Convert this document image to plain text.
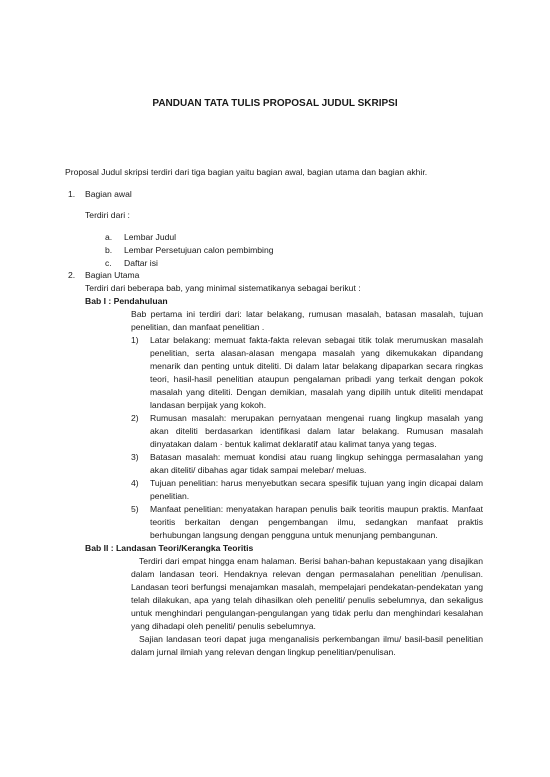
PANDUAN TATA TULIS PROPOSAL JUDUL SKRIPSI

Proposal Judul skripsi terdiri dari tiga bagian yaitu bagian awal, bagian utama dan bagian akhir.

1. Bagian awal
Terdiri dari :
a. Lembar Judul
b. Lembar Persetujuan calon pembimbing
c. Daftar isi
2. Bagian Utama
Terdiri dari beberapa bab, yang minimal sistematikanya sebagai berikut :
Bab I : Pendahuluan

Bab pertama ini terdiri dari: latar belakang, rumusan masalah, batasan masalah, tujuan penelitian, dan manfaat penelitian .

1) Latar belakang: memuat fakta-fakta relevan sebagai titik tolak merumuskan masalah penelitian, serta alasan-alasan mengapa masalah yang dikemukakan dipandang menarik dan penting untuk diteliti. Di dalam latar belakang dipaparkan secara ringkas teori, hasil-hasil penelitian ataupun pengalaman pribadi yang terkait dengan pokok masalah yang diteliti. Dengan demikian, masalah yang dipilih untuk diteliti mendapat landasan berpijak yang kokoh.

2) Rumusan masalah: merupakan pernyataan mengenai ruang lingkup masalah yang akan diteliti berdasarkan identifikasi dalam latar belakang. Rumusan masalah dinyatakan dalam · bentuk kalimat deklaratif atau kalimat tanya yang tegas.

3) Batasan masalah: memuat kondisi atau ruang lingkup sehingga permasalahan yang akan diteliti/ dibahas agar tidak sampai melebar/ meluas.

4) Tujuan penelitian: harus menyebutkan secara spesifik tujuan yang ingin dicapai dalam penelitian.

5) Manfaat penelitian: menyatakan harapan penulis baik teoritis maupun praktis. Manfaat teoritis berkaitan dengan pengembangan ilmu, sedangkan manfaat praktis berhubungan langsung dengan pengguna untuk menunjang pembangunan.

Bab II : Landasan Teori/Kerangka Teoritis

Terdiri dari empat hingga enam halaman. Berisi bahan-bahan kepustakaan yang disajikan dalam landasan teori. Hendaknya relevan dengan permasalahan penelitian /penulisan. Landasan teori berfungsi menajamkan masalah, mempelajari pendekatan-pendekatan yang telah dilakukan, apa yang telah dihasilkan oleh peneliti/ penulis sebelumnya, dan sekaligus untuk menghindari pengulangan-pengulangan yang tidak perlu dan menghindari kesalahan yang dihadapi oleh peneliti/ penulis sebelumnya.

Sajian landasan teori dapat juga menganalisis perkembangan ilmu/ basil-basil penelitian dalam jurnal ilmiah yang relevan dengan lingkup penelitian/penulisan.
